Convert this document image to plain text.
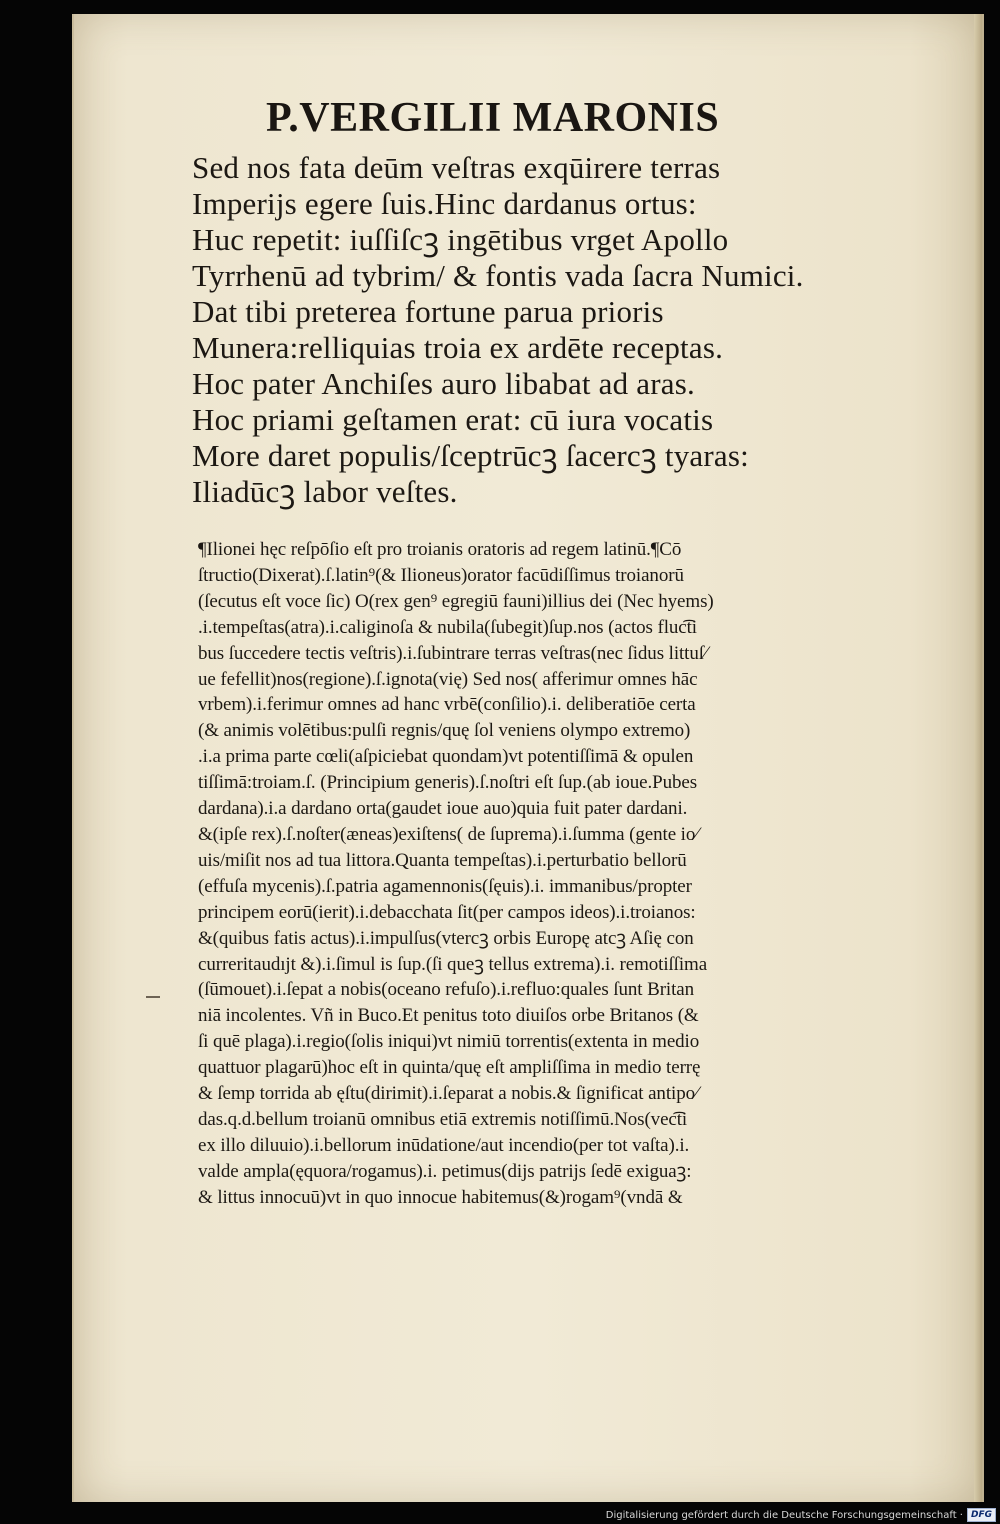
P.VERGILII MARONIS
Sed nos fata deūm veſtras exqūirere terras
Imperijs egere ſuis.Hinc dardanus ortus:
Huc repetit: iuſſiſcꝫ ingētibus vrget Apollo
Tyrrhenū ad tybrim/ & fontis vada ſacra Numici.
Dat tibi preterea fortune parua prioris
Munera:relliquias troia ex ardēte receptas.
Hoc pater Anchiſes auro libabat ad aras.
Hoc priami geſtamen erat: cū iura vocatis
More daret populis/ſceptrūcꝫ ſacercꝫ tyaras:
Iliadūcꝫ labor veſtes.
¶Ilionei hęc reſpōſio eſt pro troianis oratoris ad regem latinū.¶Cō
ſtructio(Dixerat).ſ.latin⁹(& Ilioneus)orator facūdiſſimus troianorū
(ſecutus eſt voce ſic) O(rex gen⁹ egregiū fauni)illius dei (Nec hyems)
.i.tempeſtas(atra).i.caliginoſa & nubila(ſubegit)ſup.nos (actos fluc͡ti
bus ſuccedere tectis veſtris).i.ſubintrare terras veſtras(nec ſidus littuſ⁄
ue fefellit)nos(regione).ſ.ignota(vię) Sed nos( afferimur omnes hāc
vrbem).i.ferimur omnes ad hanc vrbē(conſilio).i. deliberatiōe certa
(& animis volētibus:pulſi regnis/quę ſol veniens olympo extremo)
.i.a prima parte cœli(aſpiciebat quondam)vt potentiſſimā & opulen
tiſſimā:troiam.ſ. (Principium generis).ſ.noſtri eſt ſup.(ab ioue.Pubes
dardana).i.a dardano orta(gaudet ioue auo)quia fuit pater dardani.
&(ipſe rex).ſ.noſter(æneas)exiſtens( de ſuprema).i.ſumma (gente io⁄
uis/miſit nos ad tua littora.Quanta tempeſtas).i.perturbatio bellorū
(effuſa mycenis).ſ.patria agamennonis(ſęuis).i. immanibus/propter
principem eorū(ierit).i.debacchata ſit(per campos ideos).i.troianos:
&(quibus fatis actus).i.impulſus(vtercꝫ orbis Europę atcꝫ Aſię con
curreritaudıjt &).i.ſimul is ſup.(ſi queꝫ tellus extrema).i. remotiſſima
(ſūmouet).i.ſepat a nobis(oceano refuſo).i.refluo:quales ſunt Britan
niā incolentes. Vñ in Buco.Et penitus toto diuiſos orbe Britanos (&
ſi quē plaga).i.regio(ſolis iniqui)vt nimiū torrentis(extenta in medio
quattuor plagarū)hoc eſt in quinta/quę eſt ampliſſima in medio terrę
& ſemp torrida ab ęſtu(dirimit).i.ſeparat a nobis.& ſignificat antipo⁄
das.q.d.bellum troianū omnibus etiā extremis notiſſimū.Nos(vec͡ti
ex illo diluuio).i.bellorum inūdatione/aut incendio(per tot vaſta).i.
valde ampla(ęquora/rogamus).i. petimus(dijs patrijs ſedē exiguaꝫ:
& littus innocuū)vt in quo innocue habitemus(&)rogam⁹(vndā &
Digitalisierung gefördert durch die Deutsche Forschungsgemeinschaft · DFG
